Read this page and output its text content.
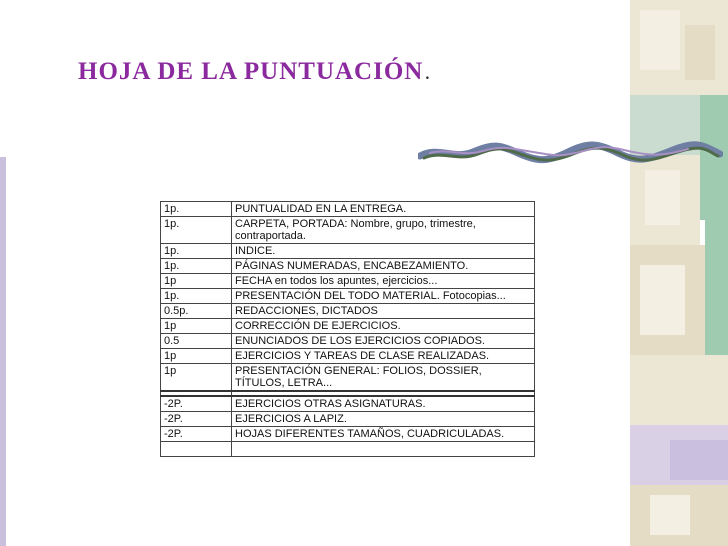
HOJA DE LA PUNTUACIÓN .
1p.	PUNTUALIDAD EN LA ENTREGA.
1p.	CARPETA, PORTADA: Nombre, grupo, trimestre, contraportada.
1p.	INDICE.
1p.	PÁGINAS NUMERADAS, ENCABEZAMIENTO.
1p	FECHA en todos los apuntes, ejercicios...
1p.	PRESENTACIÓN DEL TODO MATERIAL. Fotocopias...
0.5p.	REDACCIONES, DICTADOS
1p	CORRECCIÓN DE EJERCICIOS.
0.5	ENUNCIADOS DE LOS EJERCICIOS COPIADOS.
1p	EJERCICIOS Y TAREAS DE CLASE REALIZADAS.
1p	PRESENTACIÓN GENERAL: FOLIOS, DOSSIER, TÍTULOS, LETRA...

-2P.	EJERCICIOS OTRAS ASIGNATURAS.
-2P.	EJERCICIOS A LAPIZ.
-2P.	HOJAS DIFERENTES TAMAÑOS, CUADRICULADAS.
